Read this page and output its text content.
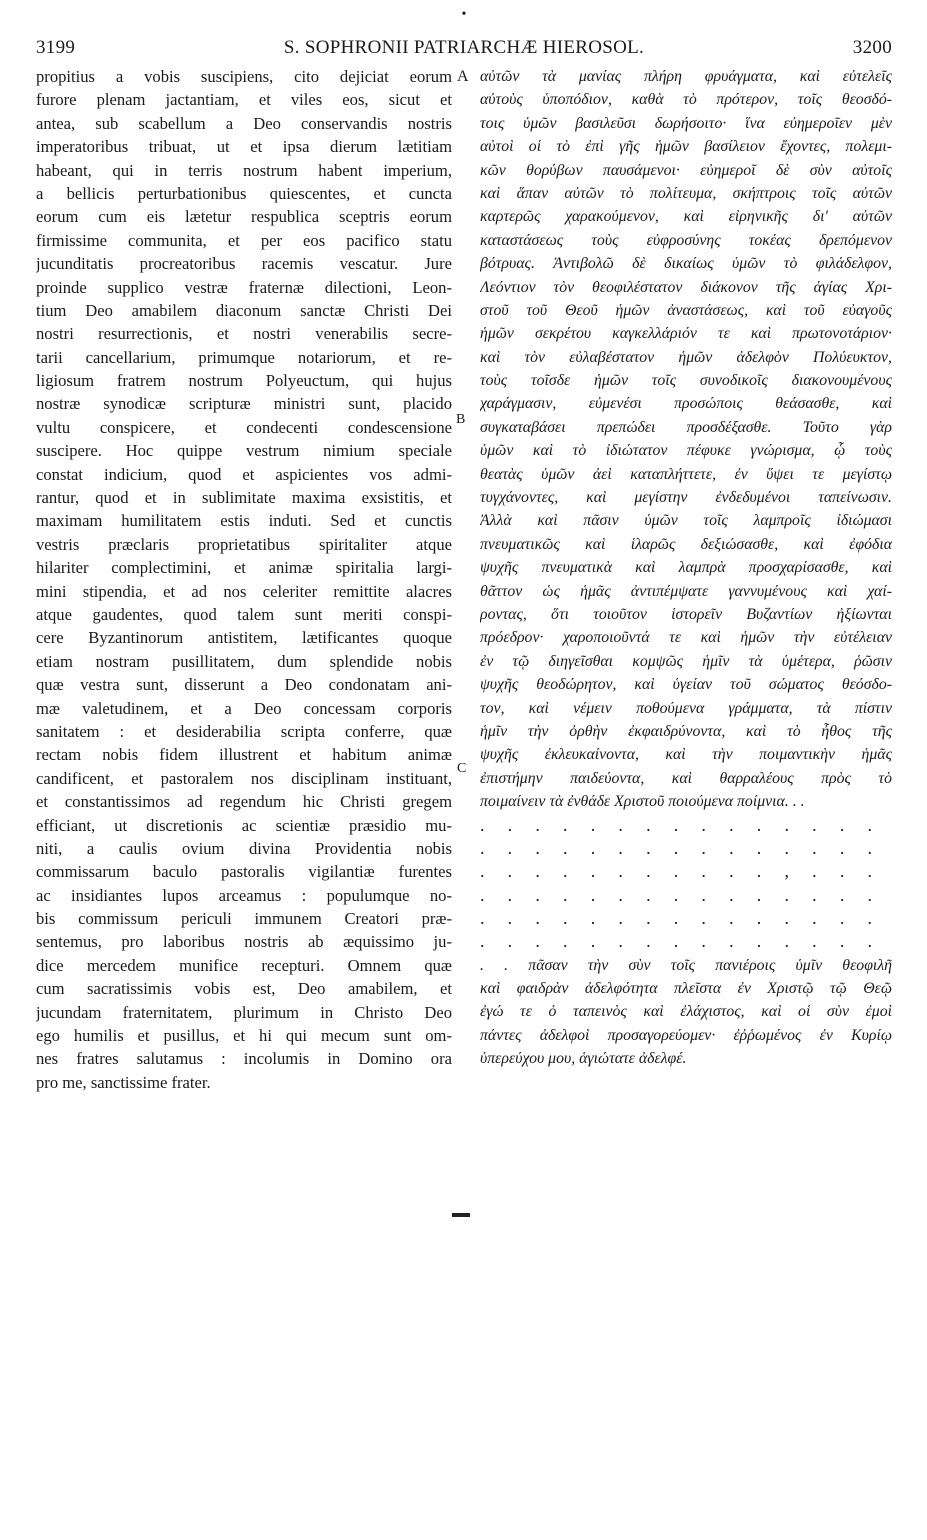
•
3199	S. SOPHRONII PATRIARCHÆ HIEROSOL.	3200
A
B
C
propitius a vobis suscipiens, cito dejiciat eorum
furore plenam jactantiam, et viles eos, sicut et
antea, sub scabellum a Deo conservandis nostris
imperatoribus tribuat, ut et ipsa dierum lætitiam
habeant, qui in terris nostrum habent imperium,
a bellicis perturbationibus quiescentes, et cuncta
eorum cum eis lætetur respublica sceptris eorum
firmissime communita, et per eos pacifico statu
jucunditatis procreatoribus racemis vescatur. Jure
proinde supplico vestræ fraternæ dilectioni, Leon-
tium Deo amabilem diaconum sanctæ Christi Dei
nostri resurrectionis, et nostri venerabilis secre-
tarii cancellarium, primumque notariorum, et re-
ligiosum fratrem nostrum Polyeuctum, qui hujus
nostræ synodicæ scripturæ ministri sunt, placido
vultu conspicere, et condecenti condescensione
suscipere. Hoc quippe vestrum nimium speciale
constat indicium, quod et aspicientes vos admi-
rantur, quod et in sublimitate maxima exsistitis, et
maximam humilitatem estis induti. Sed et cunctis
vestris præclaris proprietatibus spiritaliter atque
hilariter complectimini, et animæ spiritalia largi-
mini stipendia, et ad nos celeriter remittite alacres
atque gaudentes, quod talem sunt meriti conspi-
cere Byzantinorum antistitem, lætificantes quoque
etiam nostram pusillitatem, dum splendide nobis
quæ vestra sunt, disserunt a Deo condonatam ani-
mæ valetudinem, et a Deo concessam corporis
sanitatem : et desiderabilia scripta conferre, quæ
rectam nobis fidem illustrent et habitum animæ
candificent, et pastoralem nos disciplinam instituant,
et constantissimos ad regendum hic Christi gregem
efficiant, ut discretionis ac scientiæ præsidio mu-
niti, a caulis ovium divina Providentia nobis
commissarum baculo pastoralis vigilantiæ furentes
ac insidiantes lupos arceamus : populumque no-
bis commissum periculi immunem Creatori præ-
sentemus, pro laboribus nostris ab æquissimo ju-
dice mercedem munifice recepturi. Omnem quæ
cum sacratissimis vobis est, Deo amabilem, et
jucundam fraternitatem, plurimum in Christo Deo
ego humilis et pusillus, et hi qui mecum sunt om-
nes fratres salutamus : incolumis in Domino ora
pro me, sanctissime frater.
αὐτῶν τὰ μανίας πλήρη φρυάγματα, καὶ εὐτελεῖς
αὐτοὺς ὑποπόδιον, καθὰ τὸ πρότερον, τοῖς θεοσδό-
τοις ὑμῶν βασιλεῦσι δωρήσοιτο· ἵνα εὐημεροῖεν μὲν
αὐτοὶ οἱ τὸ ἐπὶ γῆς ἡμῶν βασίλειον ἔχοντες, πολεμι-
κῶν θορύβων παυσάμενοι· εὐημεροῖ δὲ σὺν αὐτοῖς
καὶ ἅπαν αὐτῶν τὸ πολίτευμα, σκήπτροις τοῖς αὐτῶν
καρτερῶς χαρακούμενον, καὶ εἰρηνικῆς δι' αὐτῶν
καταστάσεως τοὺς εὐφροσύνης τοκέας δρεπόμενον
βότρυας. Ἀντιβολῶ δὲ δικαίως ὑμῶν τὸ φιλάδελφον,
Λεόντιον τὸν θεοφιλέστατον διάκονον τῆς ἁγίας Χρι-
στοῦ τοῦ Θεοῦ ἡμῶν ἀναστάσεως, καὶ τοῦ εὐαγοῦς
ἡμῶν σεκρέτου καγκελλάριόν τε καὶ πρωτονοτάριον·
καὶ τὸν εὐλαβέστατον ἡμῶν ἀδελφὸν Πολύευκτον,
τοὺς τοῖσδε ἡμῶν τοῖς συνοδικοῖς διακονουμένους
χαράγμασιν, εὐμενέσι προσώποις θεάσασθε, καὶ
συγκαταβάσει πρεπώδει προσδέξασθε. Τοῦτο γὰρ
ὑμῶν καὶ τὸ ἰδιώτατον πέφυκε γνώρισμα, ᾧ τοὺς
θεατὰς ὑμῶν ἀεὶ καταπλήττετε, ἐν ὕψει τε μεγίστῳ
τυγχάνοντες, καὶ μεγίστην ἐνδεδυμένοι ταπείνωσιν.
Ἀλλὰ καὶ πᾶσιν ὑμῶν τοῖς λαμπροῖς ἰδιώμασι
πνευματικῶς καὶ ἱλαρῶς δεξιώσασθε, καὶ ἐφόδια
ψυχῆς πνευματικὰ καὶ λαμπρὰ προσχαρίσασθε, καὶ
θᾶττον ὡς ἡμᾶς ἀντιπέμψατε γαννυμένους καὶ χαί-
ροντας, ὅτι τοιοῦτον ἱστορεῖν Βυζαντίων ἠξίωνται
πρόεδρον· χαροποιοῦντά τε καὶ ἡμῶν τὴν εὐτέλειαν
ἐν τῷ διηγεῖσθαι κομψῶς ἡμῖν τὰ ὑμέτερα, ῥῶσιν
ψυχῆς θεοδώρητον, καὶ ὑγείαν τοῦ σώματος θεόσδο-
τον, καὶ νέμειν ποθούμενα γράμματα, τὰ πίστιν
ἡμῖν τὴν ὀρθὴν ἐκφαιδρύνοντα, καὶ τὸ ἦθος τῆς
ψυχῆς ἐκλευκαίνοντα, καὶ τὴν ποιμαντικὴν ἡμᾶς
ἐπιστήμην παιδεύοντα, καὶ θαρραλέους πρὸς τὸ
ποιμαίνειν τὰ ἐνθάδε Χριστοῦ ποιούμενα ποίμνια. . .
. . . . . . . . . . . . . . .
. . . . . . . . . . . . . . .
. . . . . . . . . . . , . . .
. . . . . . . . . . . . . . .
. . . . . . . . . . . . . . .
. . . . . . . . . . . . . . .
. . πᾶσαν τὴν σὺν τοῖς πανιέροις ὑμῖν θεοφιλῆ
καὶ φαιδρὰν ἀδελφότητα πλεῖστα ἐν Χριστῷ τῷ Θεῷ
ἐγώ τε ὁ ταπεινὸς καὶ ἐλάχιστος, καὶ οἱ σὺν ἐμοὶ
πάντες ἀδελφοὶ προσαγορεύομεν· ἐῤῥωμένος ἐν Κυρίῳ
ὑπερεύχου μου, ἁγιώτατε ἀδελφέ.
